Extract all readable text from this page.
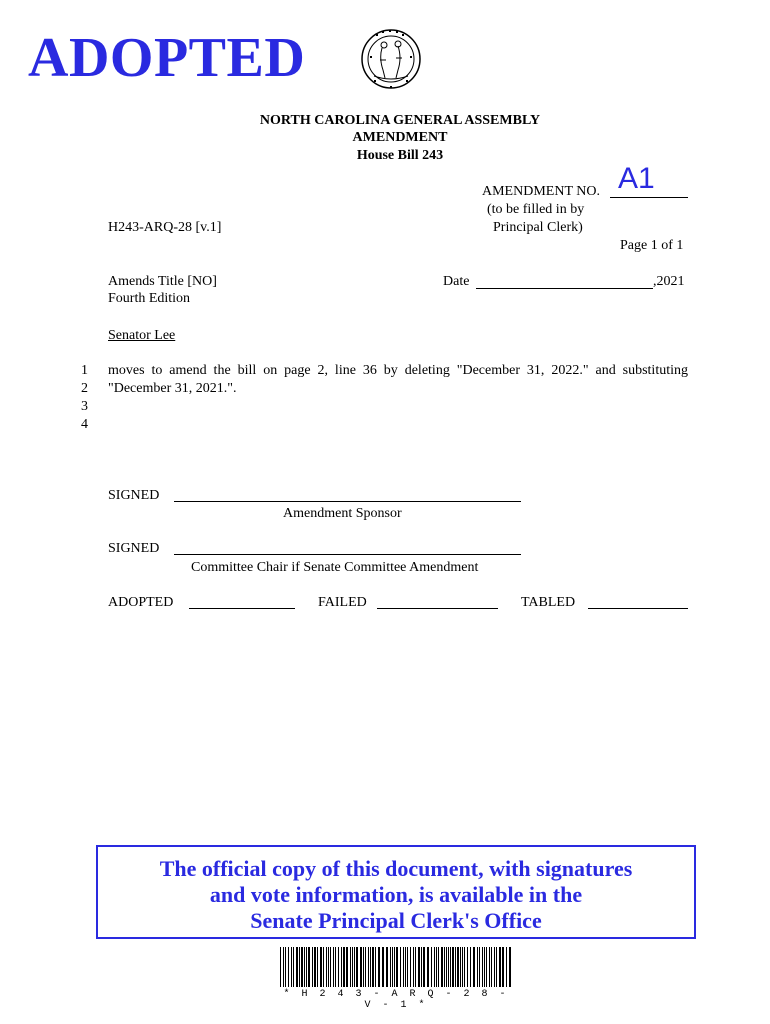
ADOPTED
NORTH CAROLINA GENERAL ASSEMBLY
AMENDMENT
House Bill 243
AMENDMENT NO. A1
(to be filled in by
Principal Clerk)
H243-ARQ-28 [v.1]
Page 1 of 1
Amends Title [NO]
Fourth Edition
Date	,2021
Senator Lee
1
2
3
4
moves to amend the bill on page 2, line 36 by deleting "December 31, 2022." and substituting
"December 31, 2021.".
SIGNED
Amendment Sponsor
SIGNED
Committee Chair if Senate Committee Amendment
ADOPTED	FAILED	TABLED
The official copy of this document, with signatures
and vote information, is available in the
Senate Principal Clerk's Office
* H 2 4 3 - A R Q - 2 8 - V - 1 *
